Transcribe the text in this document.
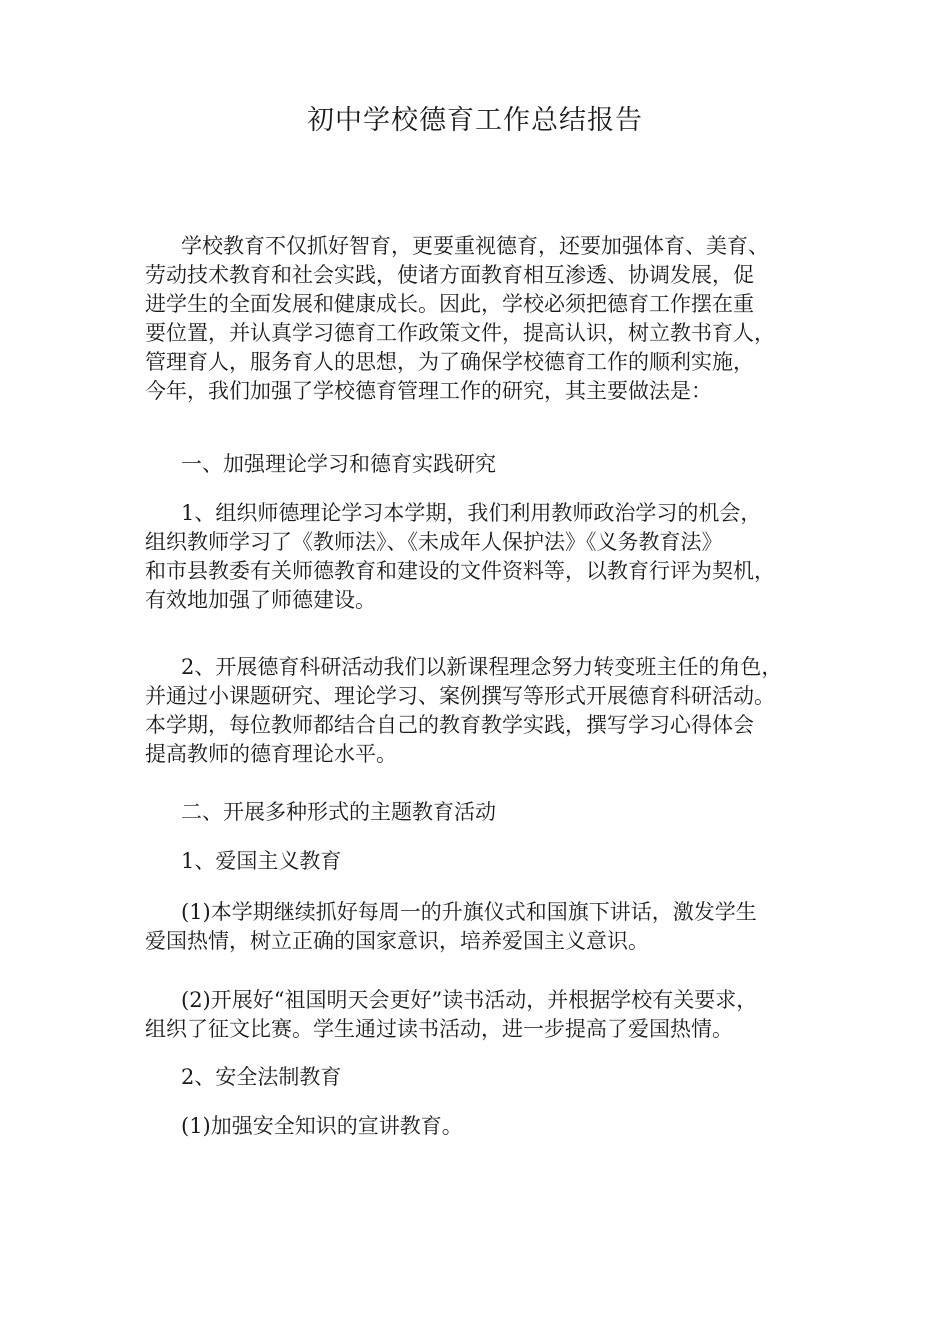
初中学校德育工作总结报告
学校教育不仅抓好智育，更要重视德育，还要加强体育、美育、
劳动技术教育和社会实践，使诸方面教育相互渗透、协调发展，促
进学生的全面发展和健康成长。因此，学校必须把德育工作摆在重
要位置，并认真学习德育工作政策文件，提高认识，树立教书育人，
管理育人，服务育人的思想，为了确保学校德育工作的顺利实施，
今年，我们加强了学校德育管理工作的研究，其主要做法是：
一、加强理论学习和德育实践研究
1、组织师德理论学习本学期，我们利用教师政治学习的机会，
组织教师学习了《教师法》、《未成年人保护法》《义务教育法》
和市县教委有关师德教育和建设的文件资料等，以教育行评为契机，
有效地加强了师德建设。
2、开展德育科研活动我们以新课程理念努力转变班主任的角色，
并通过小课题研究、理论学习、案例撰写等形式开展德育科研活动。
本学期，每位教师都结合自己的教育教学实践，撰写学习心得体会
提高教师的德育理论水平。
二、开展多种形式的主题教育活动
1、爱国主义教育
(1)本学期继续抓好每周一的升旗仪式和国旗下讲话，激发学生
爱国热情，树立正确的国家意识，培养爱国主义意识。
(2)开展好“祖国明天会更好”读书活动，并根据学校有关要求，
组织了征文比赛。学生通过读书活动，进一步提高了爱国热情。
2、安全法制教育
(1)加强安全知识的宣讲教育。
